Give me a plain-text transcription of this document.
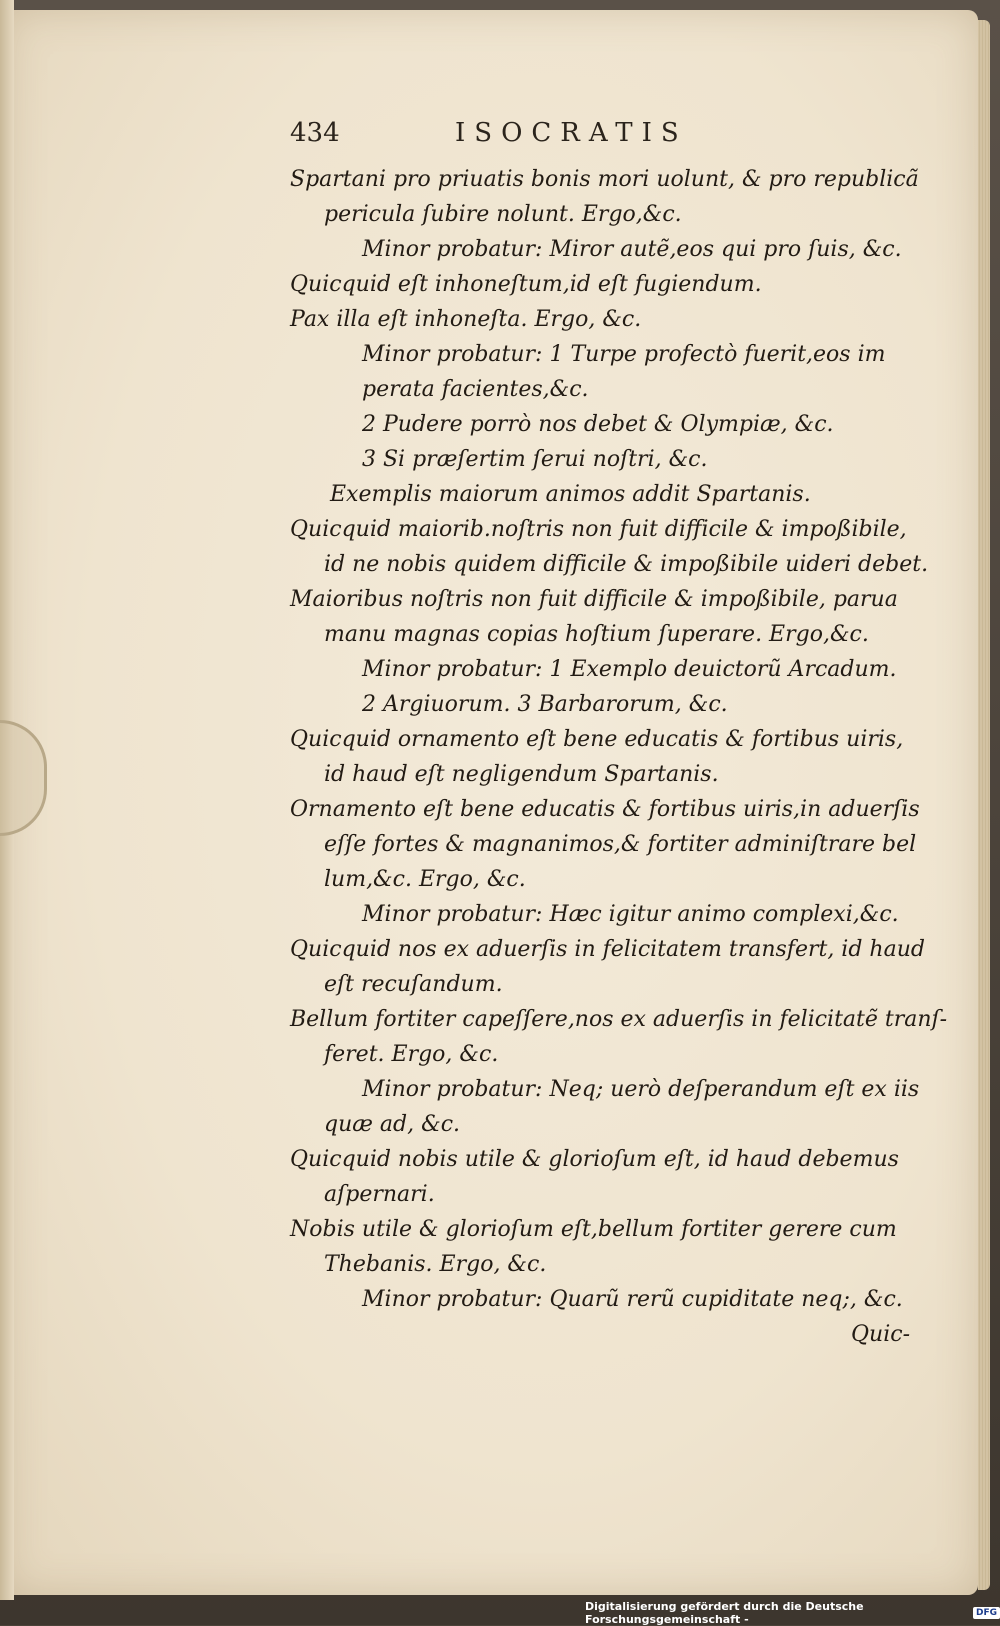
434	ISOCRATIS
Spartani pro priuatis bonis mori uolunt, & pro republicã
pericula ſubire nolunt. Ergo,&c.
Minor probatur: Miror autẽ,eos qui pro ſuis, &c.
Quicquid eſt inhoneſtum,id eſt fugiendum.
Pax illa eſt inhoneſta. Ergo, &c.
Minor probatur: 1 Turpe profectò fuerit,eos im
perata facientes,&c.
2 Pudere porrò nos debet & Olympiæ, &c.
3 Si præſertim ſerui noſtri, &c.
Exemplis maiorum animos addit Spartanis.
Quicquid maiorib.noſtris non fuit difficile & impoßibile,
id ne nobis quidem difficile & impoßibile uideri debet.
Maioribus noſtris non fuit difficile & impoßibile, parua
manu magnas copias hoſtium ſuperare. Ergo,&c.
Minor probatur: 1 Exemplo deuictorũ Arcadum.
2 Argiuorum. 3 Barbarorum, &c.
Quicquid ornamento eſt bene educatis & fortibus uiris,
id haud eſt negligendum Spartanis.
Ornamento eſt bene educatis & fortibus uiris,in aduerſis
eſſe fortes & magnanimos,& fortiter adminiſtrare bel
lum,&c. Ergo, &c.
Minor probatur: Hæc igitur animo complexi,&c.
Quicquid nos ex aduerſis in felicitatem transfert, id haud
eſt recuſandum.
Bellum fortiter capeſſere,nos ex aduerſis in felicitatẽ tranſ-
feret. Ergo, &c.
Minor probatur: Neq; uerò deſperandum eſt ex iis
quæ ad, &c.
Quicquid nobis utile & glorioſum eſt, id haud debemus
aſpernari.
Nobis utile & glorioſum eſt,bellum fortiter gerere cum
Thebanis. Ergo, &c.
Minor probatur: Quarũ rerũ cupiditate neq;, &c.
Quic-
Digitalisierung gefördert durch die Deutsche Forschungsgemeinschaft -	DFG
